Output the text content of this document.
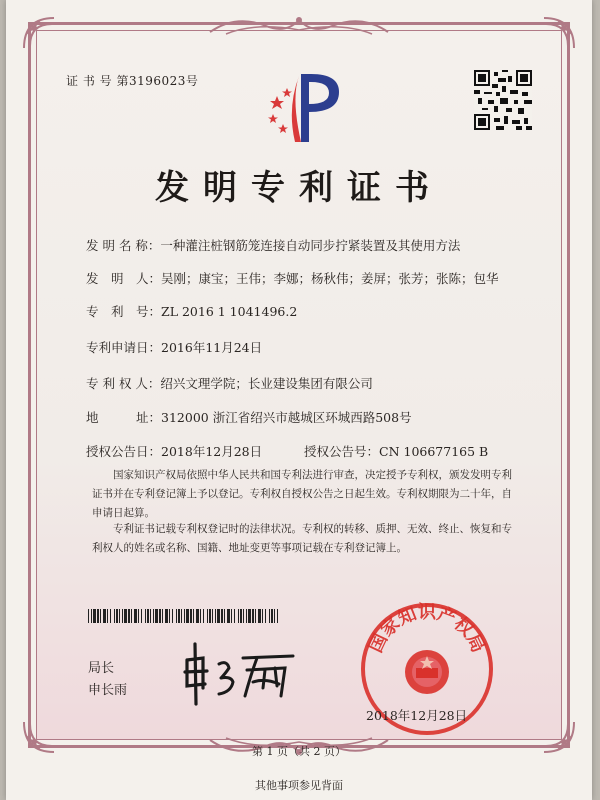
证 书 号 第3196023号
发明专利证书
发 明 名 称：一种灌注桩钢筋笼连接自动同步拧紧装置及其使用方法
发　明　人：吴刚；康宝；王伟；李娜；杨秋伟；姜屏；张芳；张陈；包华
专　利　号：ZL 2016 1 1041496.2
专利申请日：2016年11月24日
专 利 权 人：绍兴文理学院；长业建设集团有限公司
地　　　址：312000 浙江省绍兴市越城区环城西路508号
授权公告日：2018年12月28日	授权公告号：CN 106677165 B
国家知识产权局依照中华人民共和国专利法进行审查，决定授予专利权，颁发发明专利证书并在专利登记簿上予以登记。专利权自授权公告之日起生效。专利权期限为二十年，自申请日起算。
专利证书记载专利权登记时的法律状况。专利权的转移、质押、无效、终止、恢复和专利权人的姓名或名称、国籍、地址变更等事项记载在专利登记簿上。
局长
申长雨
国家知识产权局
2018年12月28日
第 1 页（共 2 页）
其他事项参见背面
